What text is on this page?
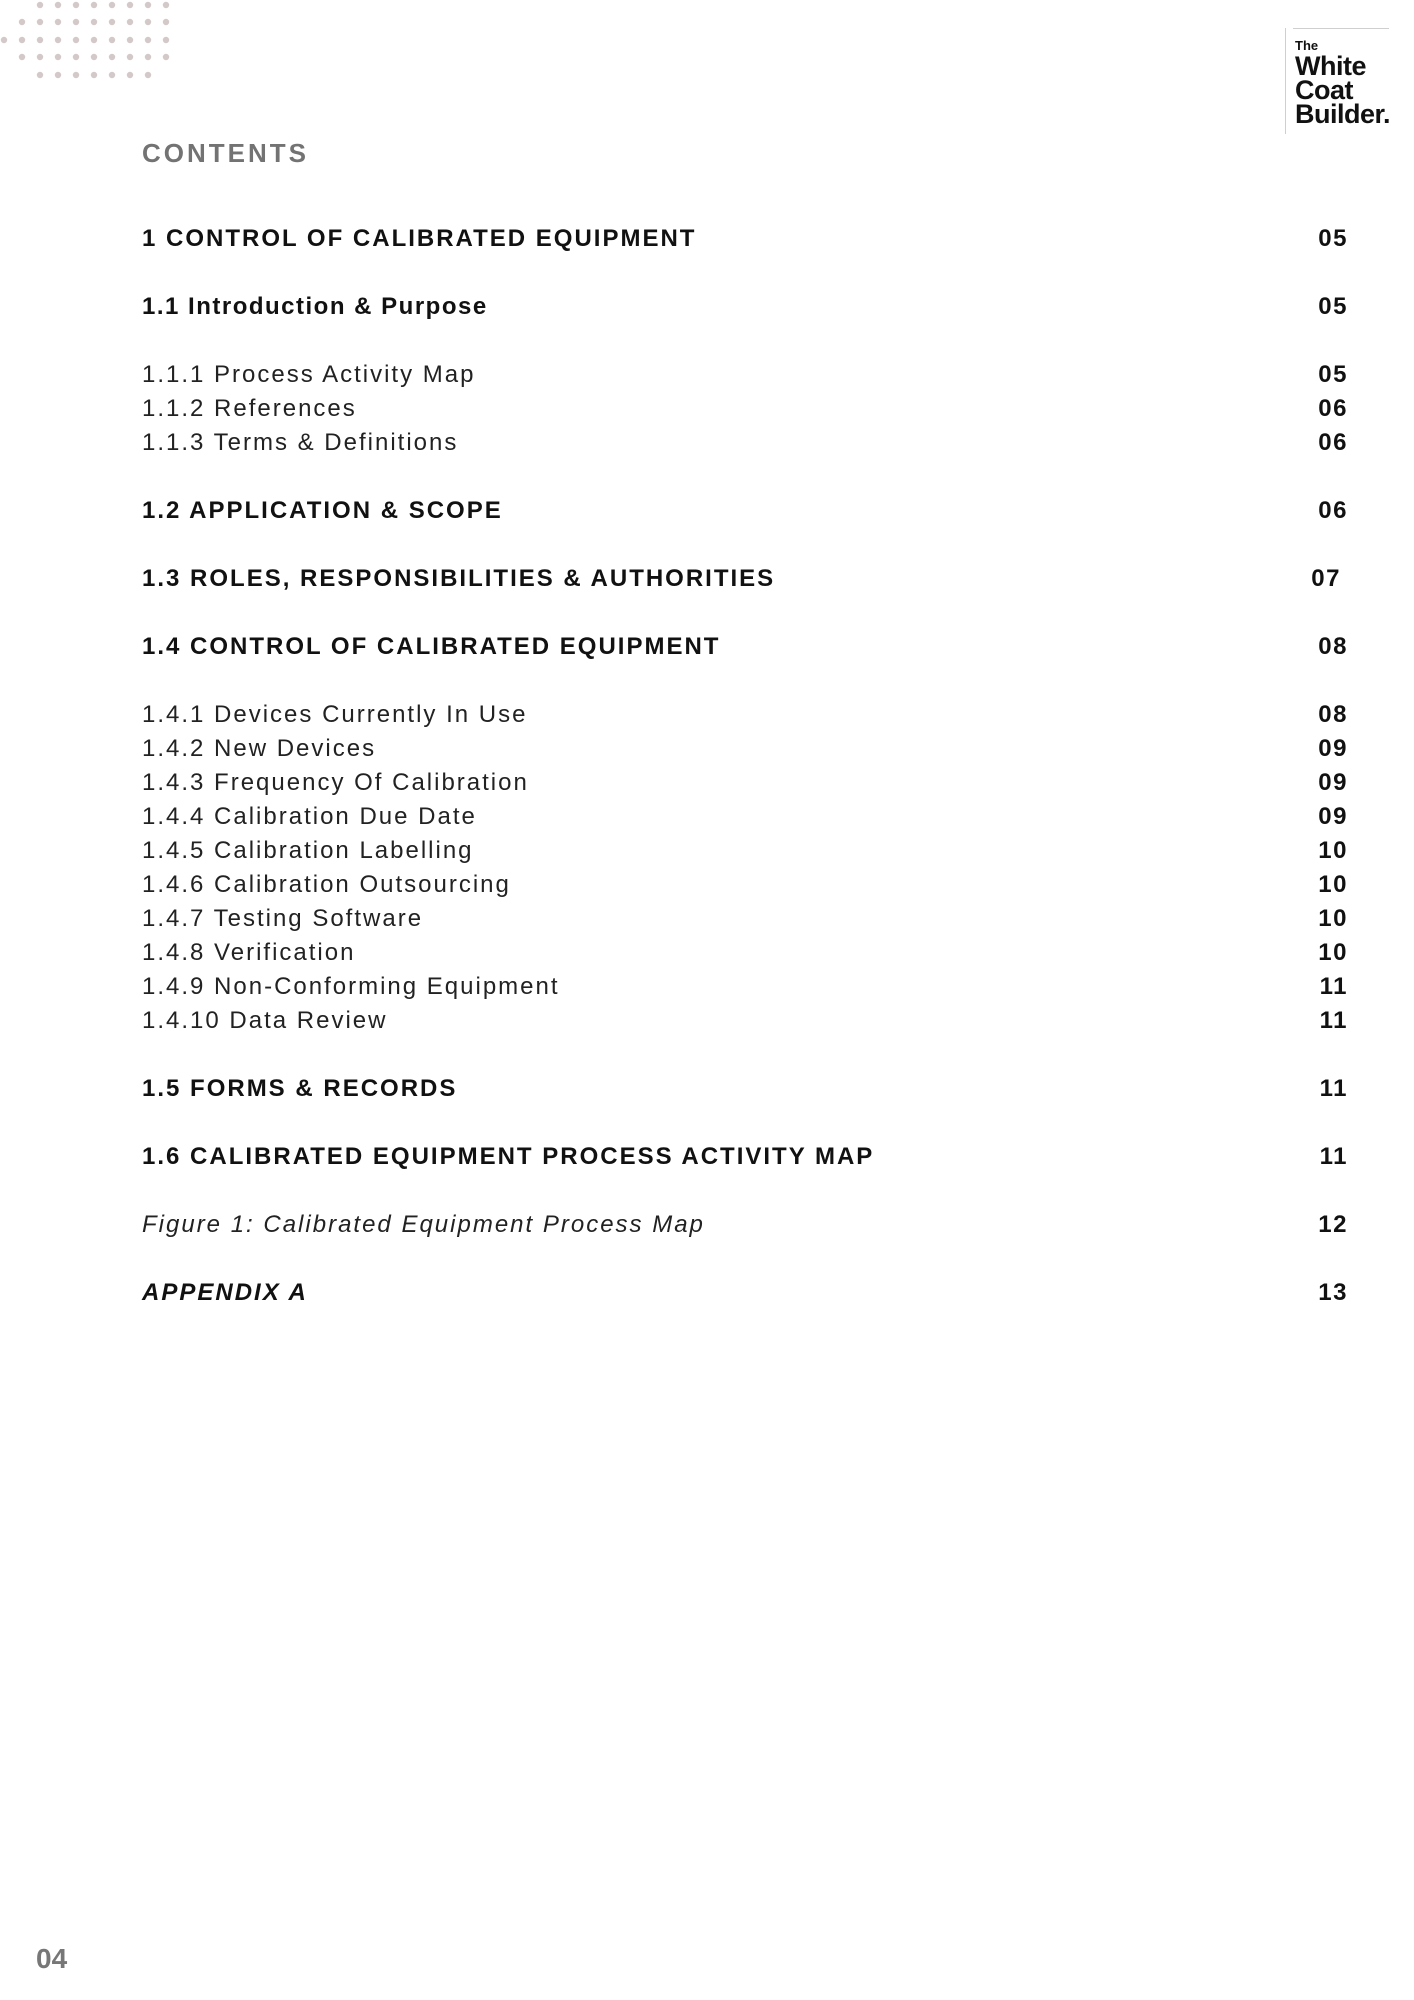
The
White
Coat
Builder.
CONTENTS
1 CONTROL OF CALIBRATED EQUIPMENT	05
1.1 Introduction & Purpose	05
1.1.1 Process Activity Map	05
1.1.2 References	06
1.1.3 Terms & Definitions	06
1.2 APPLICATION & SCOPE	06
1.3 ROLES, RESPONSIBILITIES & AUTHORITIES	07
1.4 CONTROL OF CALIBRATED EQUIPMENT	08
1.4.1 Devices Currently In Use	08
1.4.2 New Devices	09
1.4.3 Frequency Of Calibration	09
1.4.4 Calibration Due Date	09
1.4.5 Calibration Labelling	10
1.4.6 Calibration Outsourcing	10
1.4.7 Testing Software	10
1.4.8 Verification	10
1.4.9 Non-Conforming Equipment	11
1.4.10 Data Review	11
1.5 FORMS & RECORDS	11
1.6 CALIBRATED EQUIPMENT PROCESS ACTIVITY MAP	11
Figure 1: Calibrated Equipment Process Map	12
APPENDIX A	13
04
